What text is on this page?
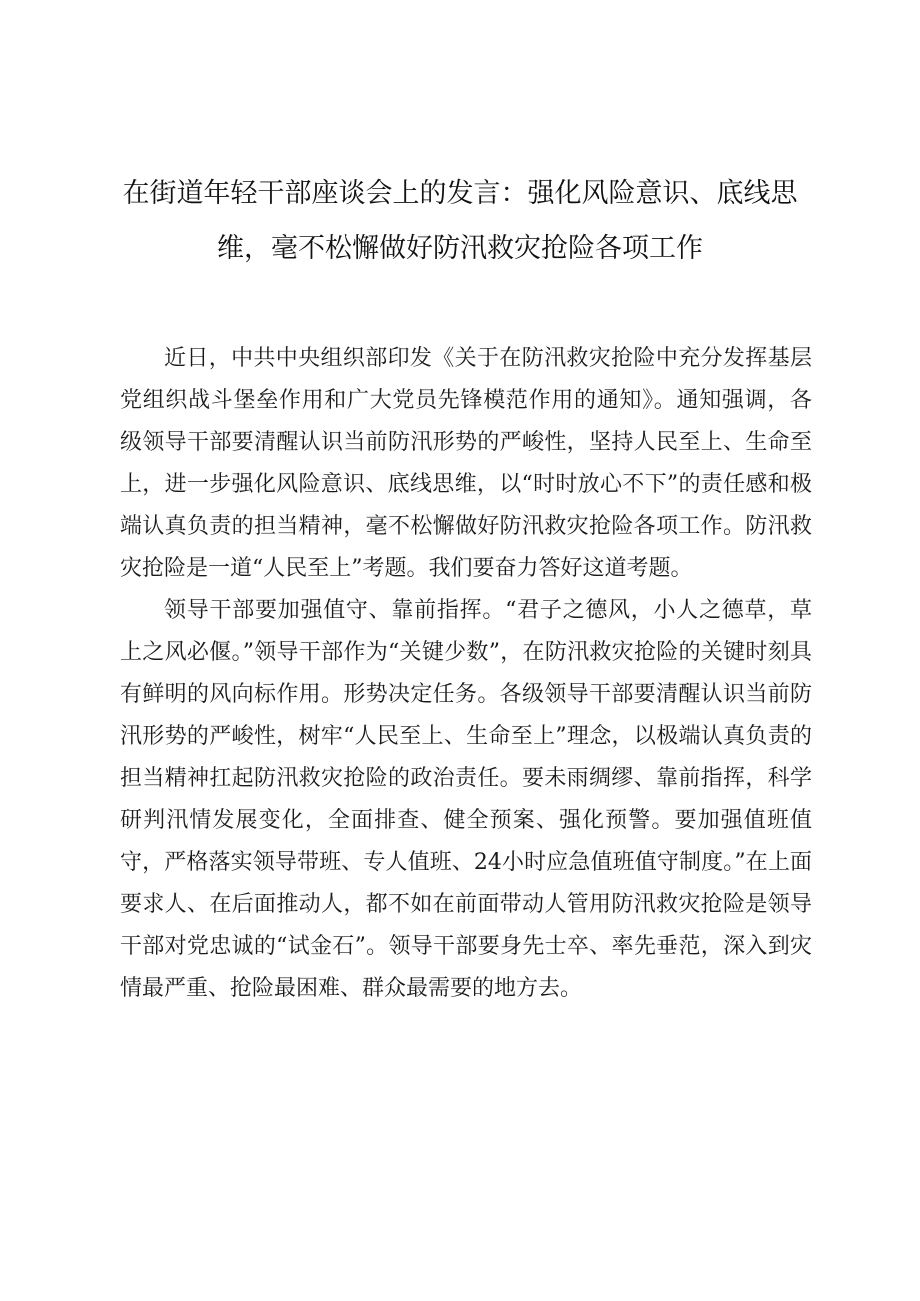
在街道年轻干部座谈会上的发言：强化风险意识、底线思维，毫不松懈做好防汛救灾抢险各项工作

近日，中共中央组织部印发《关于在防汛救灾抢险中充分发挥基层党组织战斗堡垒作用和广大党员先锋模范作用的通知》。通知强调，各级领导干部要清醒认识当前防汛形势的严峻性，坚持人民至上、生命至上，进一步强化风险意识、底线思维，以“时时放心不下”的责任感和极端认真负责的担当精神，毫不松懈做好防汛救灾抢险各项工作。防汛救灾抢险是一道“人民至上”考题。我们要奋力答好这道考题。

领导干部要加强值守、靠前指挥。“君子之德风，小人之德草，草上之风必偃。”领导干部作为“关键少数”，在防汛救灾抢险的关键时刻具有鲜明的风向标作用。形势决定任务。各级领导干部要清醒认识当前防汛形势的严峻性，树牢“人民至上、生命至上”理念，以极端认真负责的担当精神扛起防汛救灾抢险的政治责任。要未雨绸缪、靠前指挥，科学研判汛情发展变化，全面排查、健全预案、强化预警。要加强值班值守，严格落实领导带班、专人值班、24小时应急值班值守制度。”在上面要求人、在后面推动人，都不如在前面带动人管用防汛救灾抢险是领导干部对党忠诚的“试金石”。领导干部要身先士卒、率先垂范，深入到灾情最严重、抢险最困难、群众最需要的地方去。
